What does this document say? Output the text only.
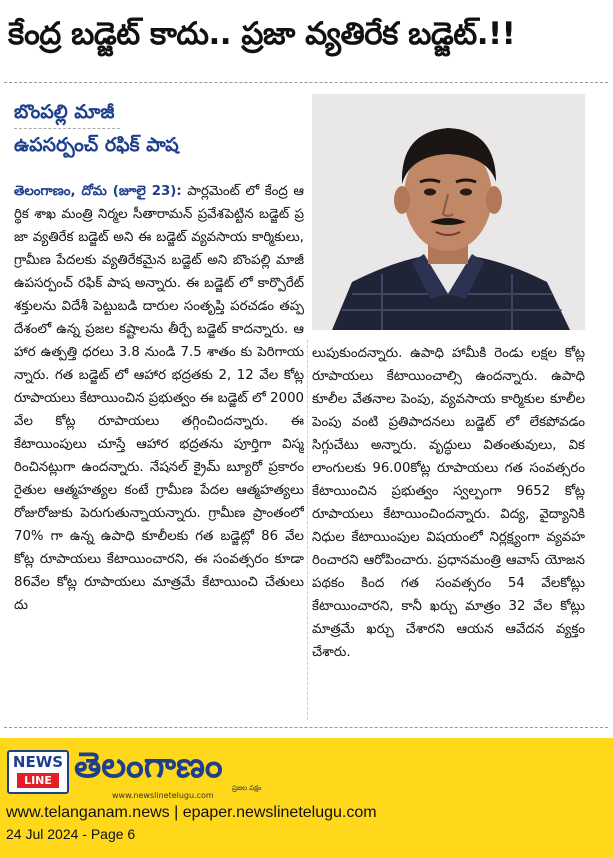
కేంద్ర బడ్జెట్ కాదు.. ప్రజా వ్యతిరేక బడ్జెట్.!!
బొంపల్లి మాజీ
ఉపసర్పంచ్ రఫిక్ పాష
తెలంగాణం, దోమ (జూలై 23): పార్లమెంట్ లో కేంద్ర ఆర్థిక శాఖ మంత్రి నిర్మల సీతారామన్ ప్రవేశపెట్టిన బడ్జెట్ ప్రజా వ్యతిరేక బడ్జెట్ అని ఈ బడ్జెట్ వ్యవసాయ కార్మికులు, గ్రామీణ పేదలకు వ్యతిరేకమైన బడ్జెట్ అని బొంపల్లి మాజీ ఉపసర్పంచ్ రఫిక్ పాష అన్నారు. ఈ బడ్జెట్ లో కార్పొరేట్ శక్తులను విదేశీ పెట్టుబడి దారుల సంతృప్తి పరచడం తప్పదేశంలో ఉన్న ప్రజల కష్టాలను తీర్చే బడ్జెట్ కాదన్నారు. ఆహార ఉత్పత్తి ధరలు 3.8 నుండి 7.5 శాతం కు పెరిగాయన్నారు. గత బడ్జెట్ లో ఆహార భద్రతకు 2, 12 వేల కోట్ల రూపాయలు కేటాయించిన ప్రభుత్వం ఈ బడ్జెట్ లో 2000 వేల కోట్ల రూపాయలు తగ్గించిందన్నారు. ఈ కేటాయింపులు చూస్తే ఆహార భద్రతను పూర్తిగా విస్మరించినట్లుగా ఉందన్నారు. నేషనల్ క్రైమ్ బ్యూరో ప్రకారం రైతుల ఆత్మహత్యల కంటే గ్రామీణ పేదల ఆత్మహత్యలు రోజురోజుకు పెరుగుతున్నాయన్నారు. గ్రామీణ ప్రాంతంలో 70% గా ఉన్న ఉపాధి కూలీలకు గత బడ్జెట్లో 86 వేల కోట్ల రూపాయలు కేటాయించారని, ఈ సంవత్సరం కూడా 86వేల కోట్ల రూపాయలు మాత్రమే కేటాయించి చేతులు దు
లుపుకుందన్నారు. ఉపాధి హామీకి రెండు లక్షల కోట్లరూపాయలు కేటాయించాల్సి ఉందన్నారు. ఉపాధి కూలీల వేతనాల పెంపు, వ్యవసాయ కార్మికుల కూలీల పెంపు వంటి ప్రతిపాదనలు బడ్జెట్ లో లేకపోవడం సిగ్గుచేటు అన్నారు. వృద్ధులు వితంతువులు, వికలాంగులకు 96.00కోట్ల రూపాయలు గత సంవత్సరం కేటాయించిన ప్రభుత్వం స్వల్పంగా 9652 కోట్ల రూపాయలు కేటాయించిందన్నారు. విద్య, వైద్యానికి నిధుల కేటాయింపుల విషయంలో నిర్లక్ష్యంగా వ్యవహరించారని ఆరోపించారు. ప్రధానమంత్రి ఆవాస్ యోజన పథకం కింద గత సంవత్సరం 54 వేలకోట్లు కేటాయించారని, కానీ ఖర్చు మాత్రం 32 వేల కోట్లు మాత్రమే ఖర్చు చేశారని ఆయన ఆవేదన వ్యక్తం చేశారు.
NEWS
LINE తెలంగాణం
ప్రజల పక్షం
www.newslinetelugu.com
www.telanganam.news | epaper.newslinetelugu.com
24 Jul 2024 - Page 6
